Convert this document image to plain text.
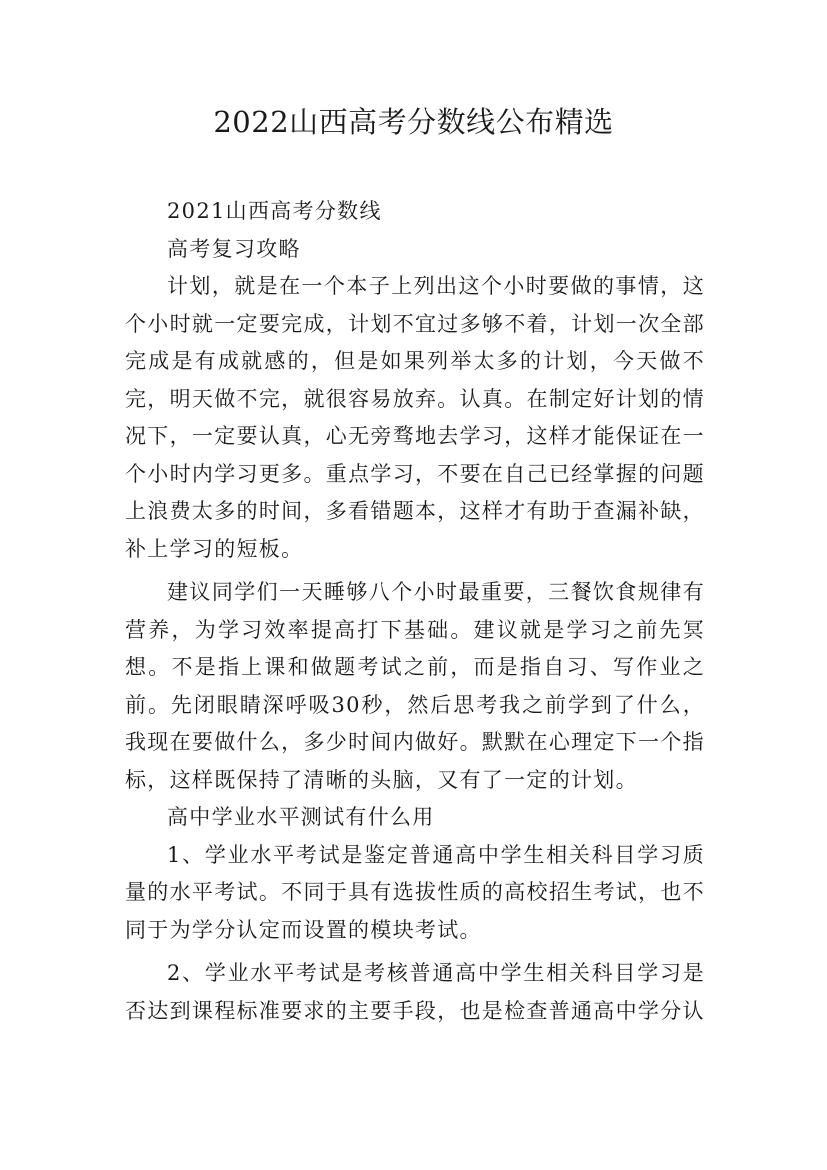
2022山西高考分数线公布精选

2021山西高考分数线

高考复习攻略

计划，就是在一个本子上列出这个小时要做的事情，这个小时就一定要完成，计划不宜过多够不着，计划一次全部完成是有成就感的，但是如果列举太多的计划，今天做不完，明天做不完，就很容易放弃。认真。在制定好计划的情况下，一定要认真，心无旁骛地去学习，这样才能保证在一个小时内学习更多。重点学习，不要在自己已经掌握的问题上浪费太多的时间，多看错题本，这样才有助于查漏补缺，补上学习的短板。

建议同学们一天睡够八个小时最重要，三餐饮食规律有营养，为学习效率提高打下基础。建议就是学习之前先冥想。不是指上课和做题考试之前，而是指自习、写作业之前。先闭眼睛深呼吸30秒，然后思考我之前学到了什么，我现在要做什么，多少时间内做好。默默在心理定下一个指标，这样既保持了清晰的头脑，又有了一定的计划。

高中学业水平测试有什么用

1、学业水平考试是鉴定普通高中学生相关科目学习质量的水平考试。不同于具有选拔性质的高校招生考试，也不同于为学分认定而设置的模块考试。

2、学业水平考试是考核普通高中学生相关科目学习是否达到课程标准要求的主要手段，也是检查普通高中学分认
